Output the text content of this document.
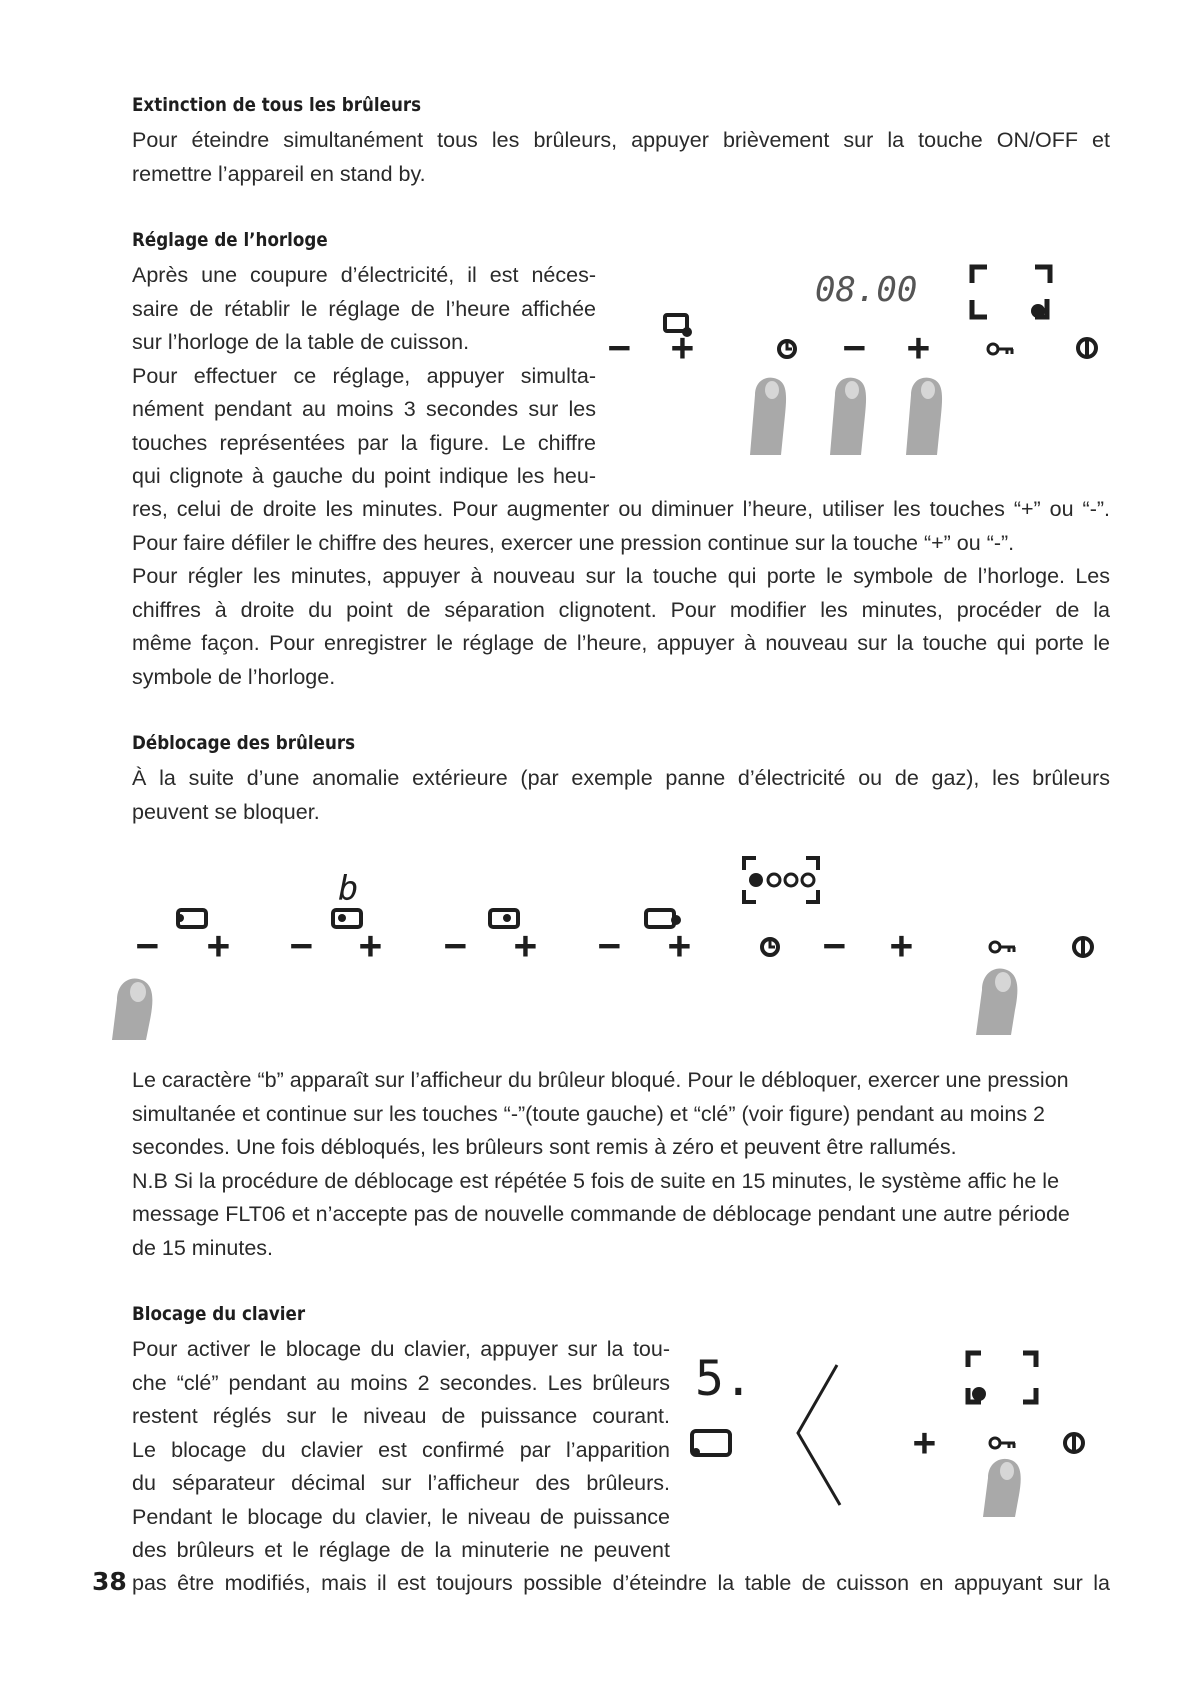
Extinction de tous les brûleurs
Pour éteindre simultanément tous les brûleurs, appuyer brièvement sur la touche ON/OFF et
remettre l’appareil en stand by.
Réglage de l’horloge
Après une coupure d’électricité, il est néces-
saire de rétablir le réglage de l’heure affichée
sur l’horloge de la table de cuisson.
Pour effectuer ce réglage, appuyer simulta-
nément pendant au moins 3 secondes sur les
touches représentées par la figure. Le chiffre
qui clignote à gauche du point indique les heu-
res, celui de droite les minutes. Pour augmenter ou diminuer l’heure, utiliser les touches “+” ou “-”.
Pour faire défiler le chiffre des heures, exercer une pression continue sur la touche “+” ou “-”.
Pour régler les minutes, appuyer à nouveau sur la touche qui porte le symbole de l’horloge. Les
chiffres à droite du point de séparation clignotent. Pour modifier les minutes, procéder de la
même façon. Pour enregistrer le réglage de l’heure, appuyer à nouveau sur la touche qui porte le
symbole de l’horloge.
08.00
− +	− +
Déblocage des brûleurs
À la suite d’une anomalie extérieure (par exemple panne d’électricité ou de gaz), les brûleurs
peuvent se bloquer.
b
− + − + − + − +	− +
Le caractère “b” apparaît sur l’afficheur du brûleur bloqué. Pour le débloquer, exercer une pression
simultanée et continue sur les touches “-”(toute gauche) et “clé” (voir figure) pendant au moins 2
secondes. Une fois débloqués, les brûleurs sont remis à zéro et peuvent être rallumés.
N.B Si la procédure de déblocage est répétée 5 fois de suite en 15 minutes, le système affic he le
message FLT06 et n’accepte pas de nouvelle commande de déblocage pendant une autre période
de 15 minutes.
Blocage du clavier
Pour activer le blocage du clavier, appuyer sur la tou-
che “clé” pendant au moins 2 secondes. Les brûleurs
restent réglés sur le niveau de puissance courant.
Le blocage du clavier est confirmé par l’apparition
du séparateur décimal sur l’afficheur des brûleurs.
Pendant le blocage du clavier, le niveau de puissance
des brûleurs et le réglage de la minuterie ne peuvent
pas être modifiés, mais il est toujours possible d’éteindre la table de cuisson en appuyant sur la
5.
+
38
